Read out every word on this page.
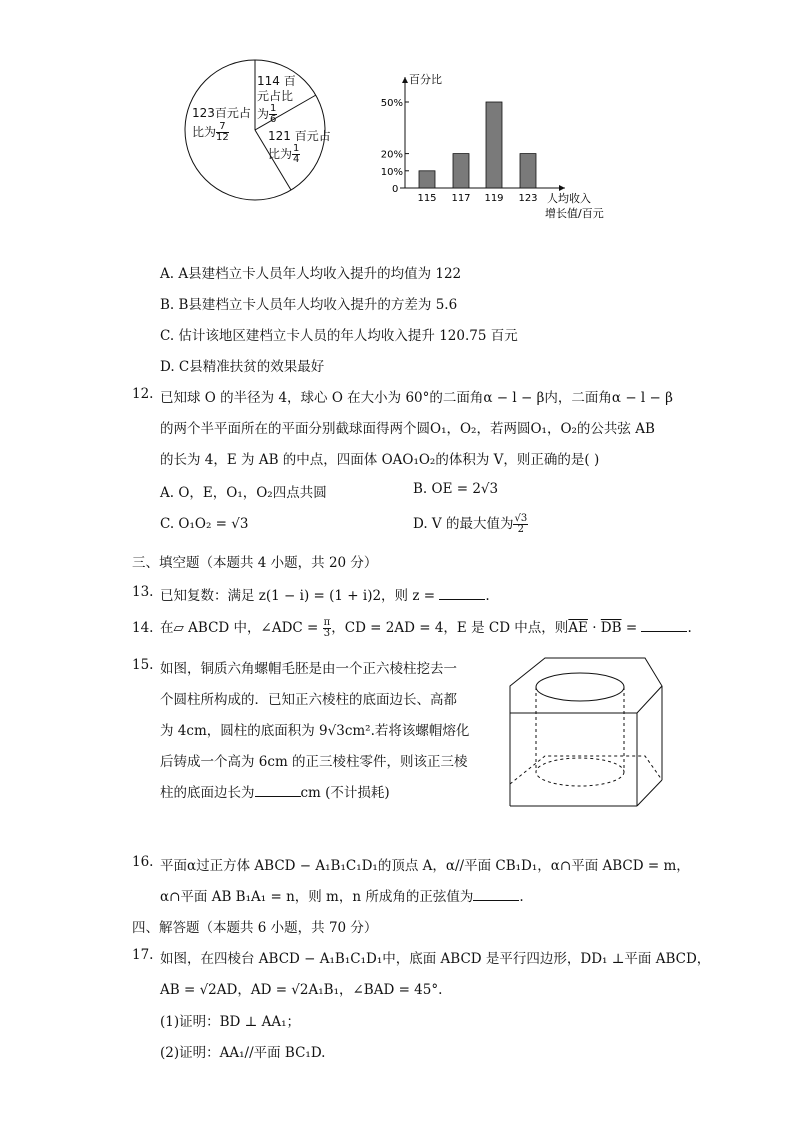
123百元占
比为 $\frac{7}{12}$
114 百
元占比
为 $\frac{1}{6}$
121 百元占
比为 $\frac{1}{4}$
百分比
0
50%
20%
10%
115 117 119 123 人均收入
增长值/百元
A. A县建档立卡人员年人均收入提升的均值为 122
B. B县建档立卡人员年人均收入提升的方差为 5.6
C. 估计该地区建档立卡人员的年人均收入提升 120.75 百元
D. C县精准扶贫的效果最好
12. 已知球 O 的半径为 4，球心 O 在大小为 60°的二面角α − l − β内，二面角α − l − β
的两个半平面所在的平面分别截球面得两个圆O₁，O₂，若两圆O₁，O₂的公共弦 AB
的长为 4，E 为 AB 的中点，四面体 OAO₁O₂的体积为 V，则正确的是( )
A. O，E，O₁，O₂四点共圆	B. OE = 2√3
C. O₁O₂ = √3	D. V 的最大值为 $\frac{√3}{2}$
三、填空题（本题共 4 小题，共 20 分）
13. 已知复数：满足 z(1 − i) = (1 + i)2，则 z =	.
14. 在▱ ABCD 中，∠ADC = $\frac{\pi}{3}$ ，CD = 2AD = 4，E 是 CD 中点，则$\overline{AE} \cdot \overline{DB}$ =	.
15. 如图，铜质六角螺帽毛胚是由一个正六棱柱挖去一
个圆柱所构成的．已知正六棱柱的底面边长、高都
为 4cm，圆柱的底面积为 9√3cm².若将该螺帽熔化
后铸成一个高为 6cm 的正三棱柱零件，则该正三棱
柱的底面边长为	cm (不计损耗)
16. 平面α过正方体 ABCD − A₁B₁C₁D₁的顶点 A，α//平面 CB₁D₁，α∩平面 ABCD = m，
α∩平面 AB B₁A₁ = n，则 m，n 所成角的正弦值为	.
四、解答题（本题共 6 小题，共 70 分）
17. 如图，在四棱台 ABCD − A₁B₁C₁D₁中，底面 ABCD 是平行四边形，DD₁ ⊥平面 ABCD，
AB = √2AD，AD = √2A₁B₁，∠BAD = 45°.
(1)证明：BD ⊥ AA₁；
(2)证明：AA₁//平面 BC₁D.
